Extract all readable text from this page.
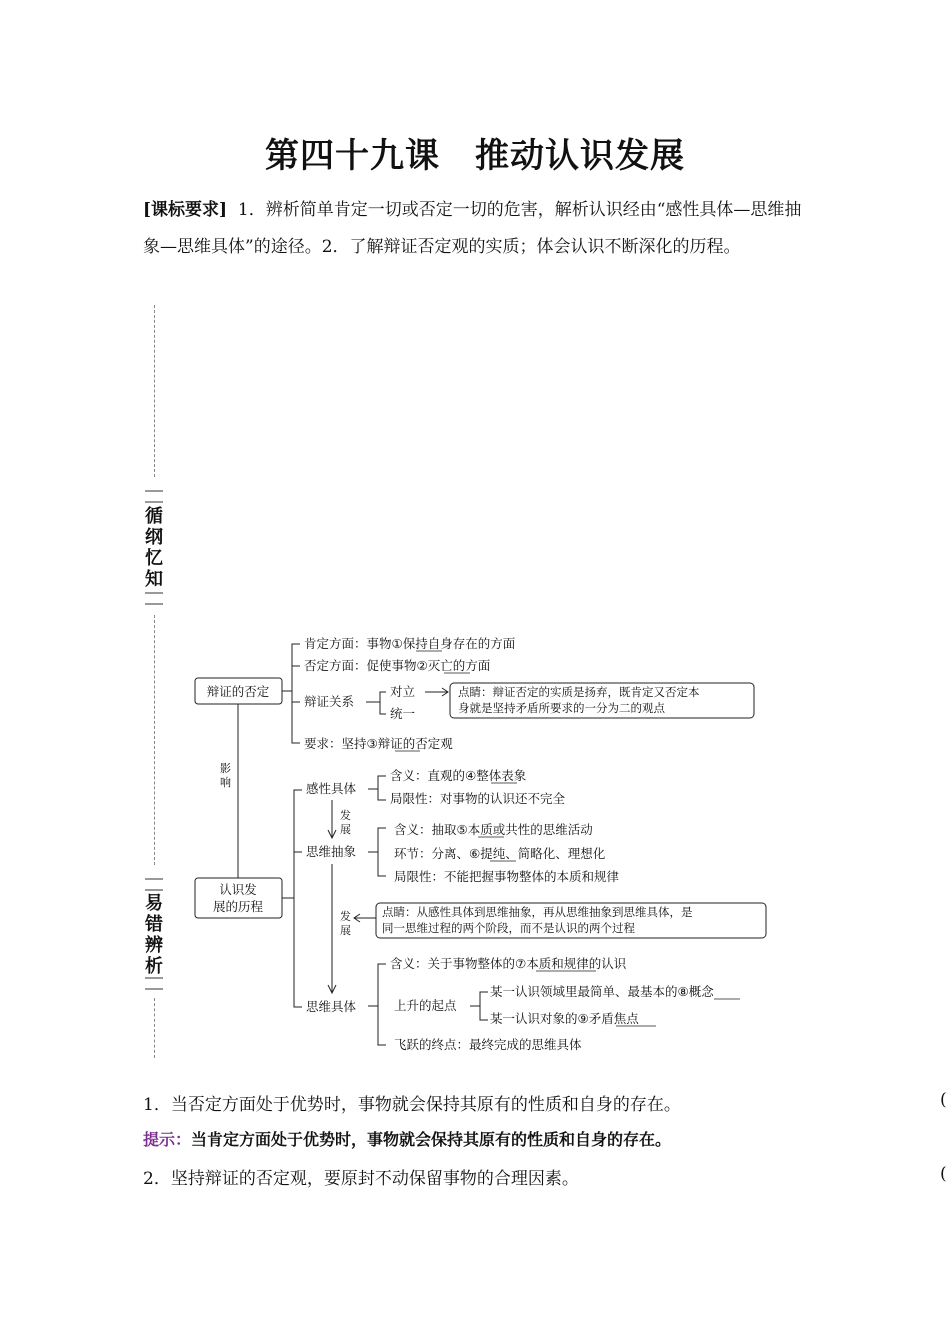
第四十九课　推动认识发展
[课标要求] 1．辨析简单肯定一切或否定一切的危害，解析认识经由“感性具体—思维抽象—思维具体”的途径。2．了解辩证否定观的实质；体会认识不断深化的历程。
循
纲
忆
知
易
错
辨
析
辩证的否定
肯定方面：事物①保持自身存在的方面
否定方面：促使事物②灭亡的方面
辩证关系
要求：坚持③辩证的否定观
对立
统一
点睛：辩证否定的实质是扬弃，既肯定又否定本
身就是坚持矛盾所要求的一分为二的观点
影
响
认识发
展的历程
感性具体
含义：直观的④整体表象
局限性：对事物的认识还不完全
发
展
思维抽象
含义：抽取⑤本质或共性的思维活动
环节：分离、⑥提纯、简略化、理想化
局限性：不能把握事物整体的本质和规律
发
展
点睛：从感性具体到思维抽象，再从思维抽象到思维具体，是
同一思维过程的两个阶段，而不是认识的两个过程
思维具体
含义：关于事物整体的⑦本质和规律的认识
上升的起点
某一认识领域里最简单、最基本的⑧概念
某一认识对象的⑨矛盾焦点
飞跃的终点：最终完成的思维具体
1．当否定方面处于优势时，事物就会保持其原有的性质和自身的存在。	(
提示：当肯定方面处于优势时，事物就会保持其原有的性质和自身的存在。
2．坚持辩证的否定观，要原封不动保留事物的合理因素。	(
